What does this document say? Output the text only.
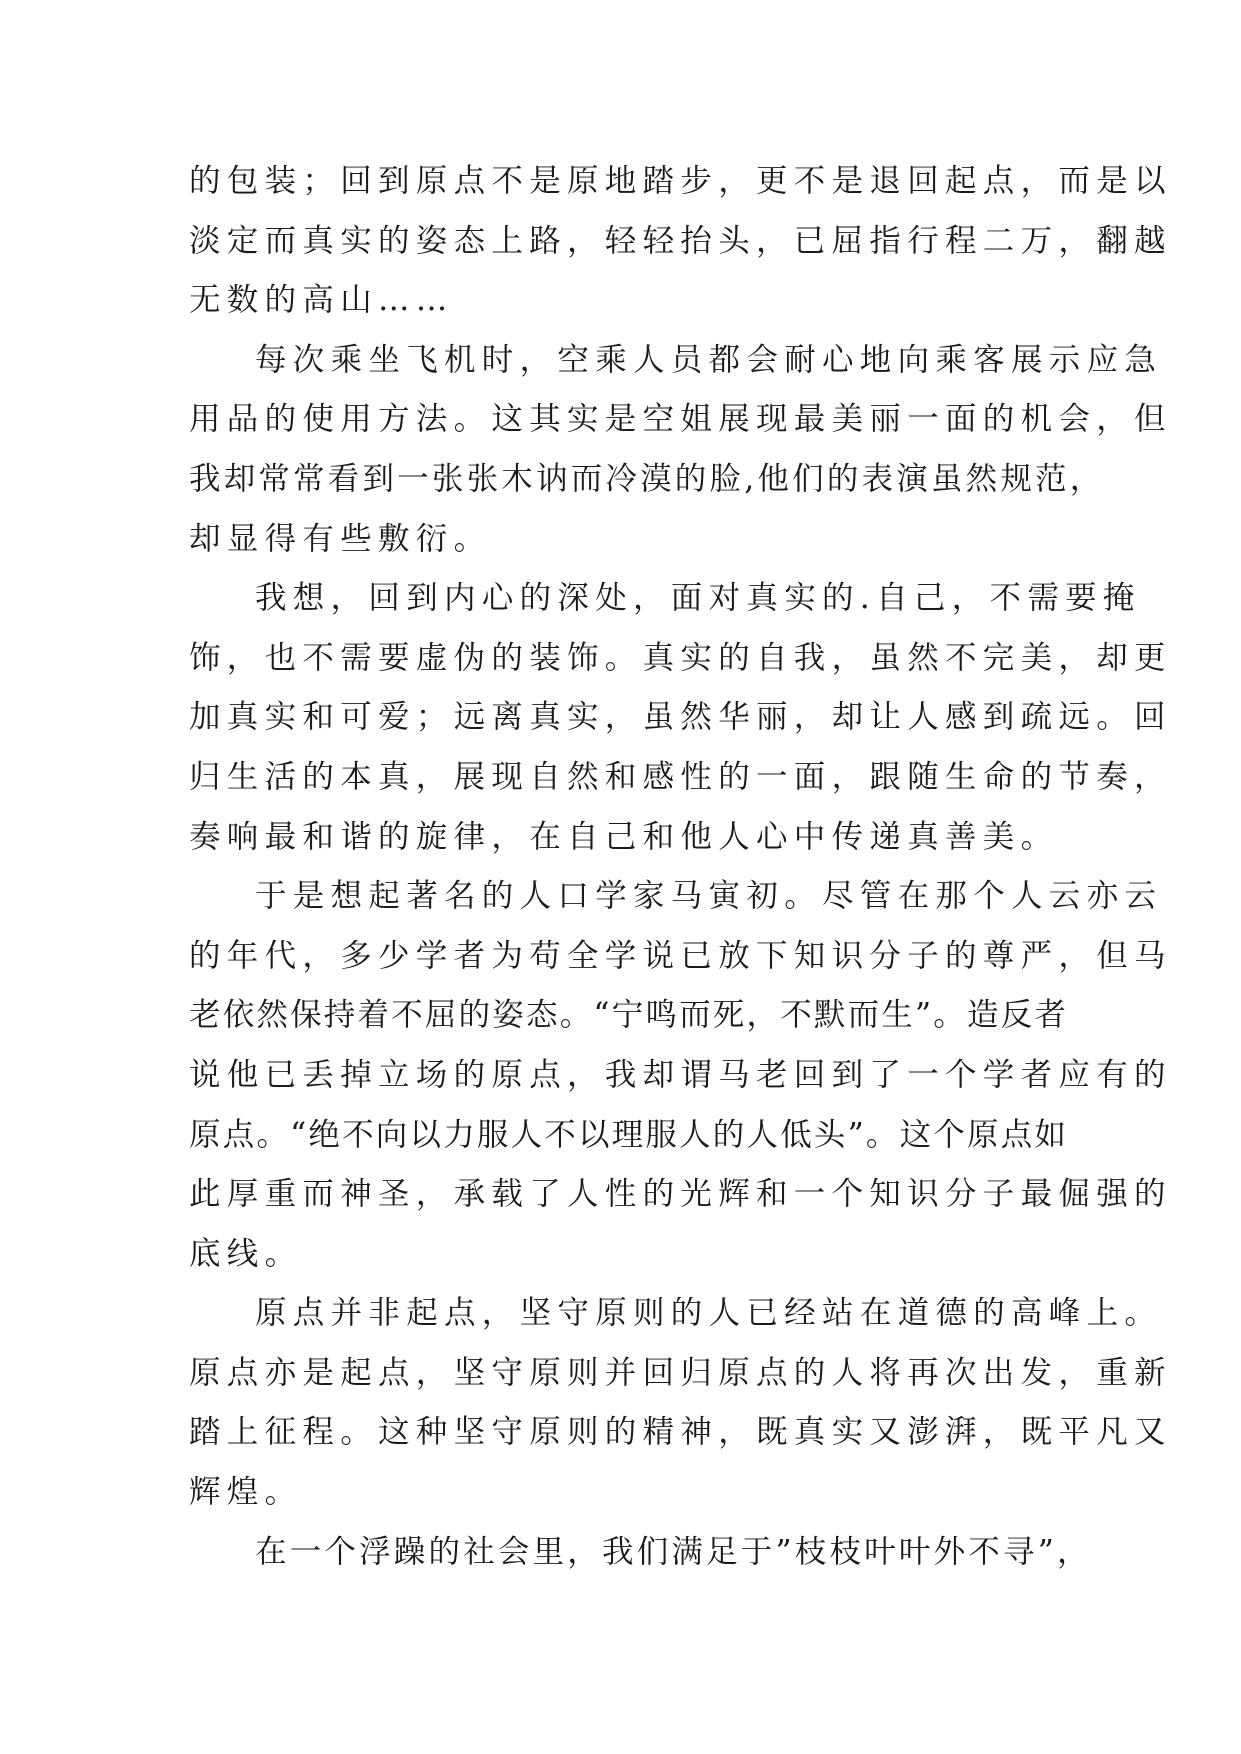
的包装；回到原点不是原地踏步，更不是退回起点，而是以
淡定而真实的姿态上路，轻轻抬头，已屈指行程二万，翻越
无数的高山……
每次乘坐飞机时，空乘人员都会耐心地向乘客展示应急
用品的使用方法。这其实是空姐展现最美丽一面的机会，但
我却常常看到一张张木讷而冷漠的脸,他们的表演虽然规范，
却显得有些敷衍。
我想，回到内心的深处，面对真实的.自己，不需要掩
饰，也不需要虚伪的装饰。真实的自我，虽然不完美，却更
加真实和可爱；远离真实，虽然华丽，却让人感到疏远。回
归生活的本真，展现自然和感性的一面，跟随生命的节奏，
奏响最和谐的旋律，在自己和他人心中传递真善美。
于是想起著名的人口学家马寅初。尽管在那个人云亦云
的年代，多少学者为苟全学说已放下知识分子的尊严，但马
老依然保持着不屈的姿态。“宁鸣而死，不默而生”。造反者
说他已丢掉立场的原点，我却谓马老回到了一个学者应有的
原点。“绝不向以力服人不以理服人的人低头”。这个原点如
此厚重而神圣，承载了人性的光辉和一个知识分子最倔强的
底线。
原点并非起点，坚守原则的人已经站在道德的高峰上。
原点亦是起点，坚守原则并回归原点的人将再次出发，重新
踏上征程。这种坚守原则的精神，既真实又澎湃，既平凡又
辉煌。
在一个浮躁的社会里，我们满足于”枝枝叶叶外不寻”，
